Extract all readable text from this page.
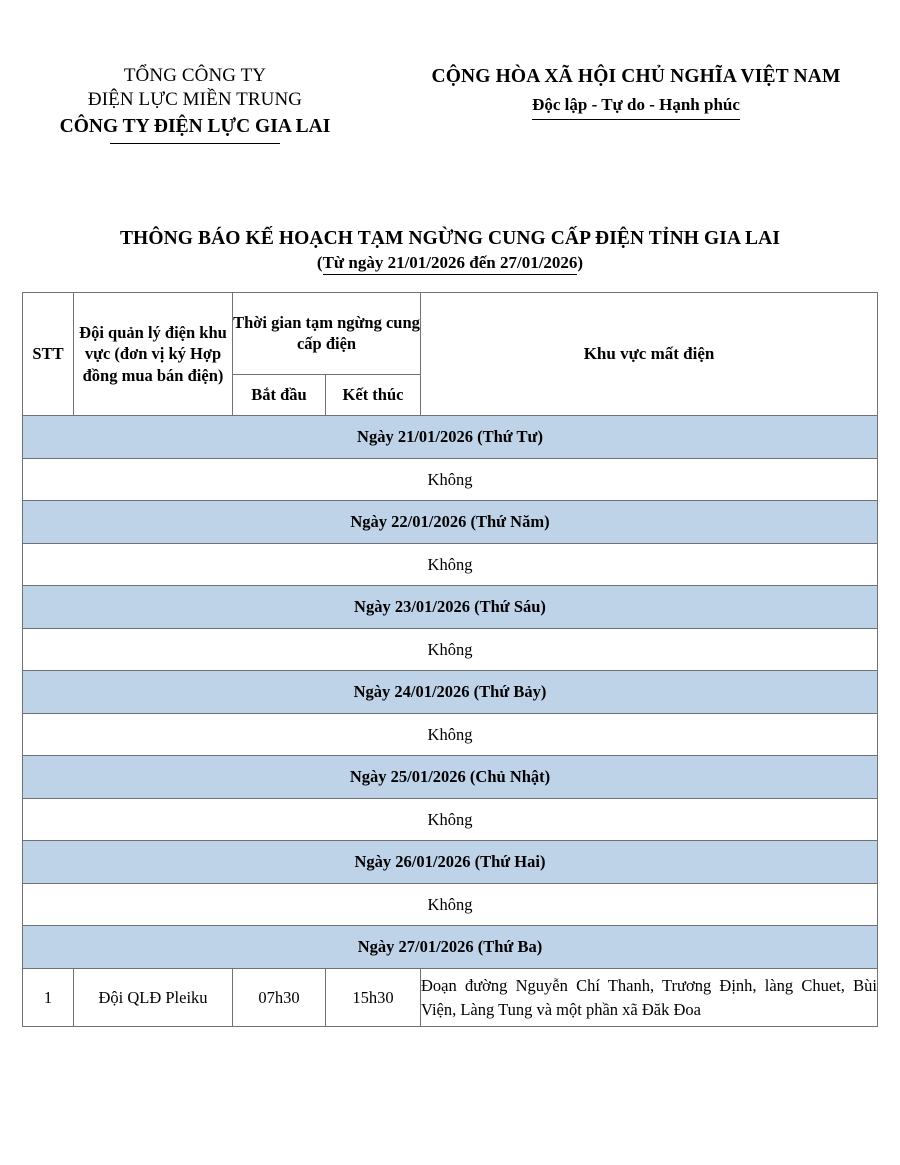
TỔNG CÔNG TY
ĐIỆN LỰC MIỀN TRUNG
CÔNG TY ĐIỆN LỰC GIA LAI
CỘNG HÒA XÃ HỘI CHỦ NGHĨA VIỆT NAM
Độc lập - Tự do - Hạnh phúc
THÔNG BÁO KẾ HOẠCH TẠM NGỪNG CUNG CẤP ĐIỆN TỈNH GIA LAI
(Từ ngày 21/01/2026 đến 27/01/2026)
STT	Đội quản lý điện khu vực (đơn vị ký Hợp đồng mua bán điện)	Thời gian tạm ngừng cung cấp điện		Khu vực mất điện
		Bắt đầu	Kết thúc	
Ngày 21/01/2026 (Thứ Tư)				
Không				
Ngày 22/01/2026 (Thứ Năm)				
Không				
Ngày 23/01/2026 (Thứ Sáu)				
Không				
Ngày 24/01/2026 (Thứ Bảy)				
Không				
Ngày 25/01/2026 (Chủ Nhật)				
Không				
Ngày 26/01/2026 (Thứ Hai)				
Không				
Ngày 27/01/2026 (Thứ Ba)				
1	Đội QLĐ Pleiku	07h30	15h30	Đoạn đường Nguyễn Chí Thanh, Trương Định, làng Chuet, Bùi Viện, Làng Tung và một phần xã Đăk Đoa
